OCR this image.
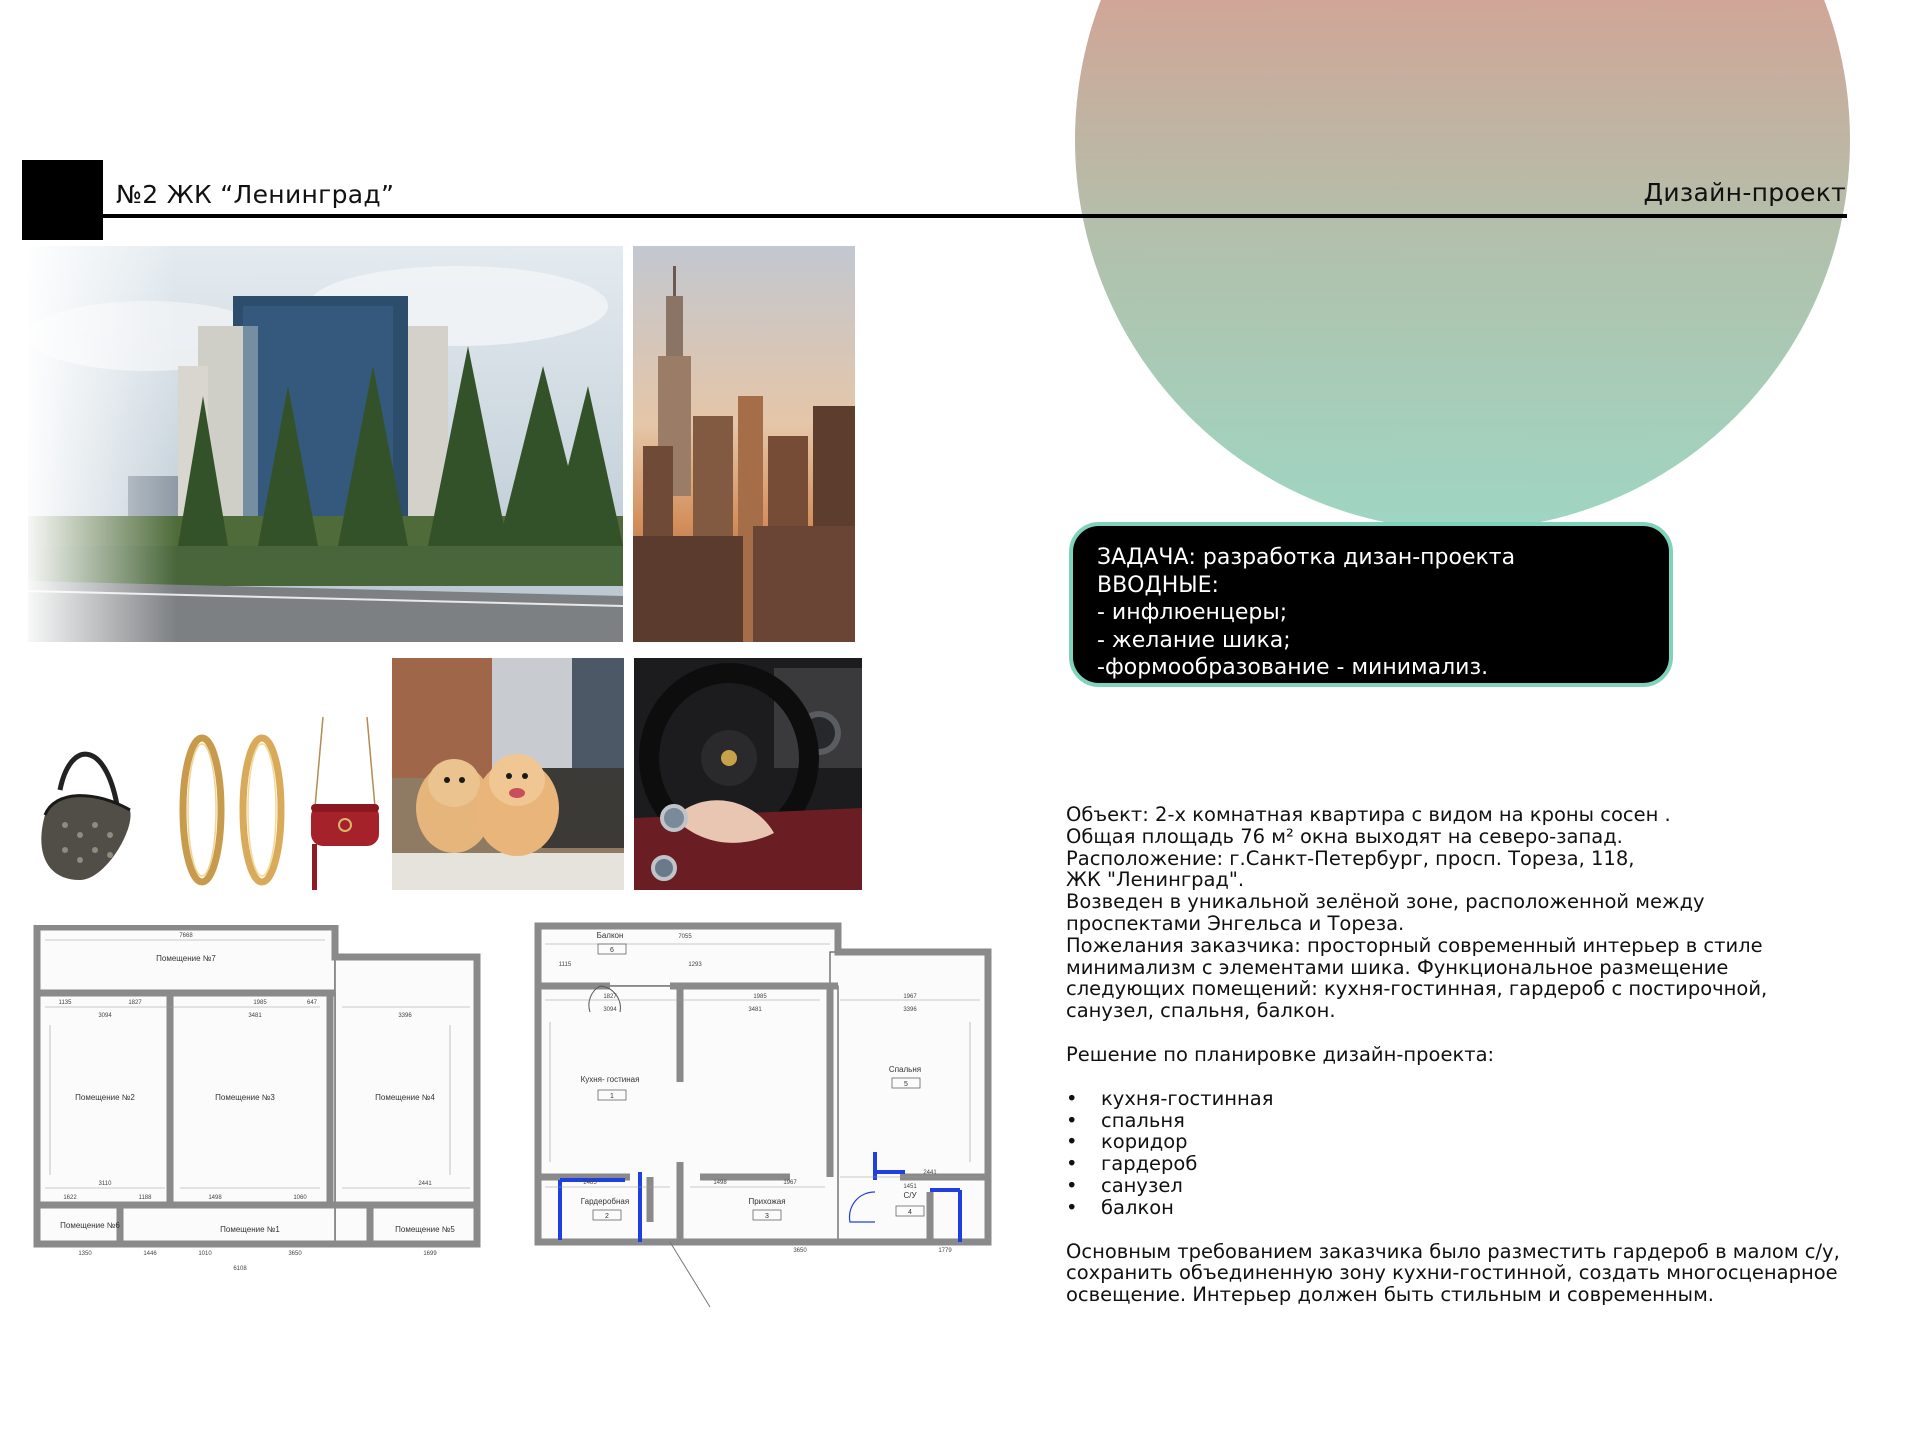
№2 ЖК “Ленинград”	Дизайн-проект
Помещение №7
Помещение №2	Помещение №3	Помещение №4
Помещение №1	Помещение №5
Помещение №6
7668
1135	1827	1985	647
3094	3481	3396
3110	2441
1622	1188	1498	1060
1350	1446	1010	3650
6108
1699
Балкон
Кухня- гостиная
Спальня
Гардеробная	Прихожая
С/У
6
1
5
2	3
4
7055
1115	1293
1827	1985
3094	3481
1967
3396
2485	1498	1967
2441
1451
3650	1779
ЗАДАЧА: разработка дизан-проекта
ВВОДНЫЕ:
- инфлюенцеры;
- желание шика;
-формообразование - минимализ.

Объект: 2-х комнатная квартира с видом на кроны сосен .

Общая площадь 76 м² окна выходят на северо-запад.

Расположение: г.Санкт-Петербург, просп. Тореза, 118,

ЖК "Ленинград".

Возведен в уникальной зелёной зоне, расположенной между

проспектами Энгельса и Тореза.

Пожелания заказчика: просторный современный интерьер в стиле

минимализм с элементами шика. Функциональное размещение

следующих помещений: кухня-гостинная, гардероб с постирочной,

санузел, спальня, балкон.

Решение по планировке дизайн-проекта:

• кухня-гостинная
• спальня
• коридор
• гардероб
• санузел
• балкон

Основным требованием заказчика было разместить гардероб в малом с/у,

сохранить объединенную зону кухни-гостинной, создать многосценарное

освещение. Интерьер должен быть стильным и современным.
